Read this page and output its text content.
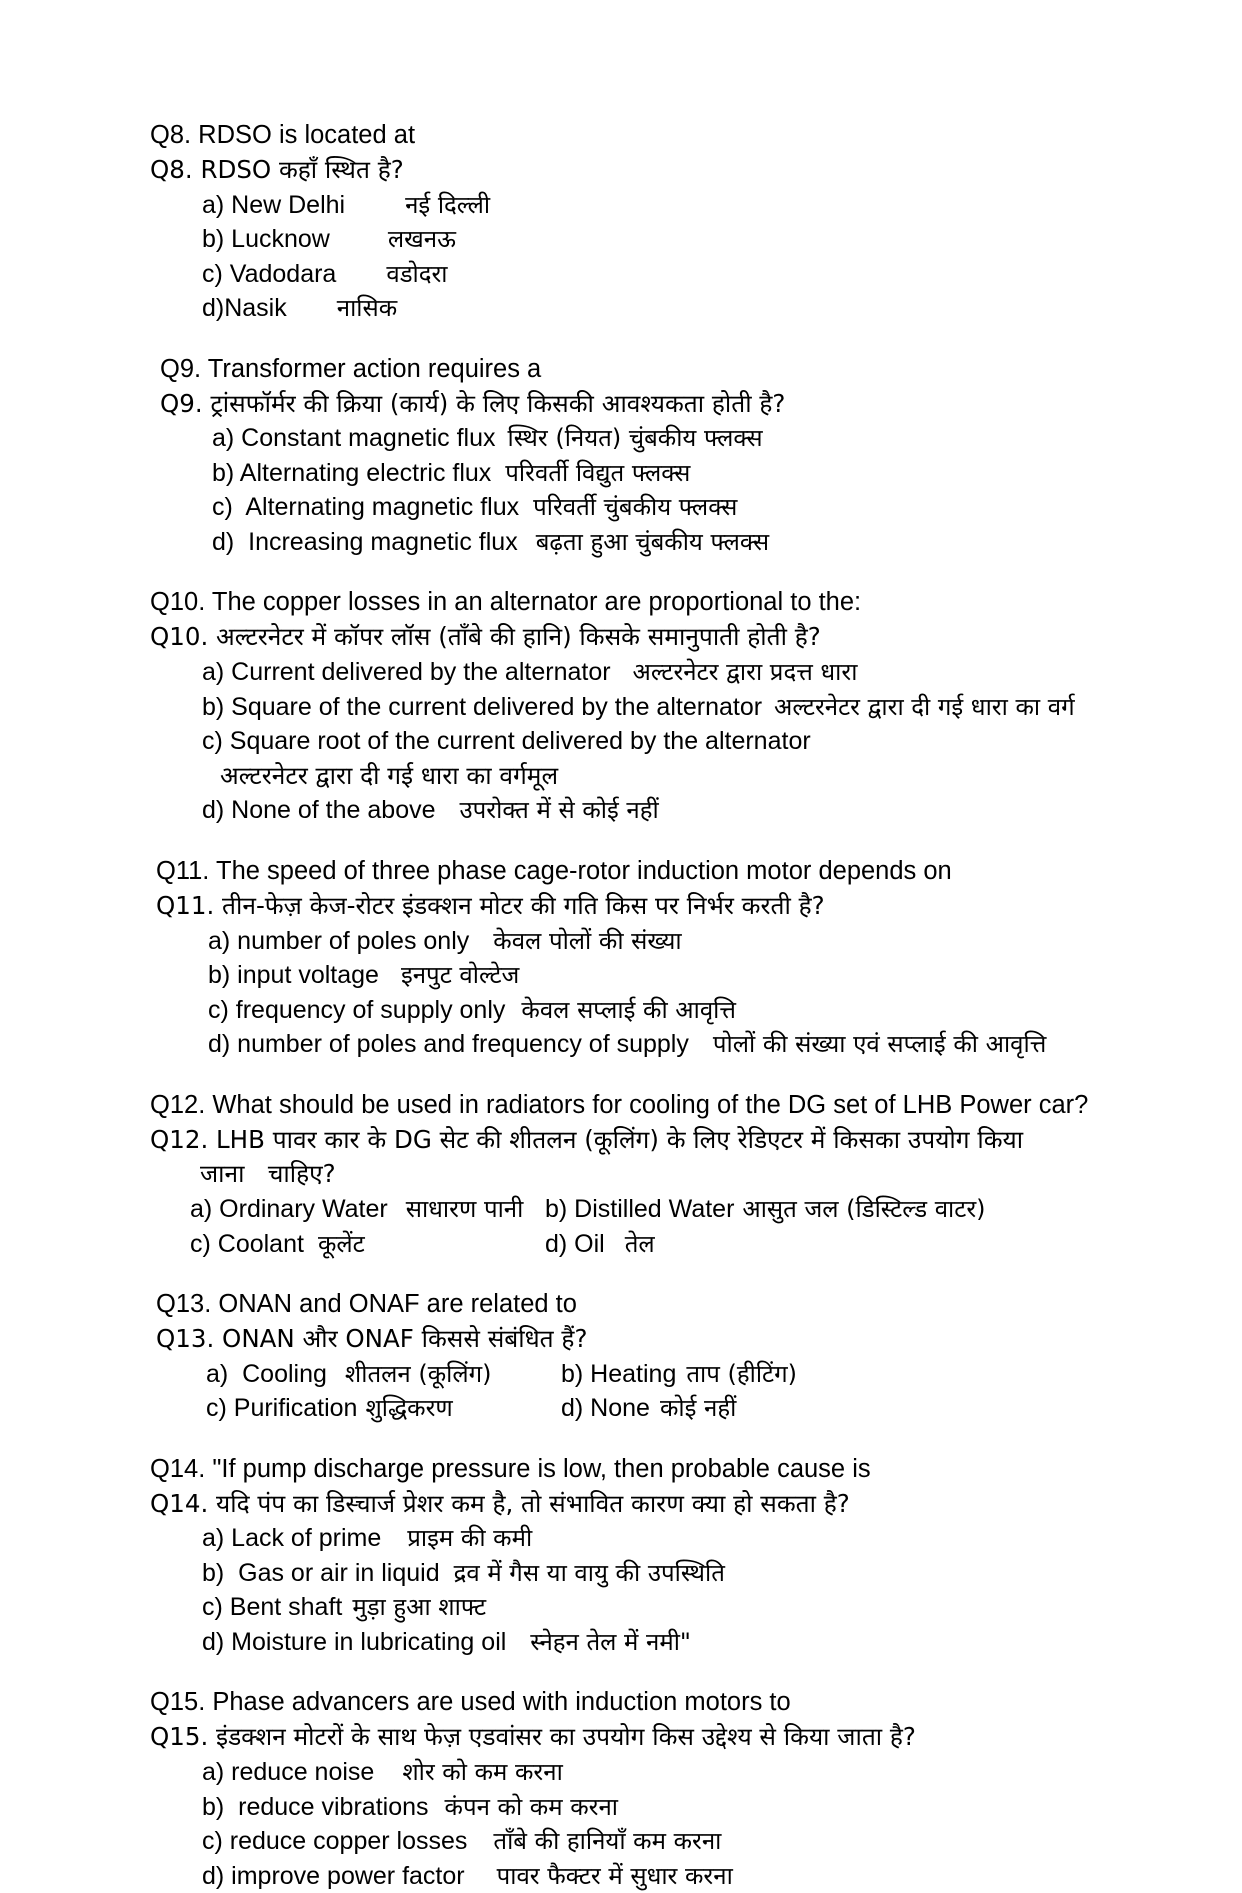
Q8. RDSO is located at
Q8. RDSO कहाँ स्थित है?
a) New Delhi	नई दिल्ली
b) Lucknow लखनऊ
c) Vadodara वडोदरा
d)Nasik नासिक
Q9. Transformer action requires a
Q9. ट्रांसफॉर्मर की क्रिया (कार्य) के लिए किसकी आवश्यकता होती है?
a) Constant magnetic flux स्थिर (नियत) चुंबकीय फ्लक्स
b) Alternating electric flux परिवर्ती विद्युत फ्लक्स
c)  Alternating magnetic flux परिवर्ती चुंबकीय फ्लक्स
d)  Increasing magnetic flux बढ़ता हुआ चुंबकीय फ्लक्स
Q10. The copper losses in an alternator are proportional to the:
Q10. अल्टरनेटर में कॉपर लॉस (ताँबे की हानि) किसके समानुपाती होती है?
a) Current delivered by the alternator अल्टरनेटर द्वारा प्रदत्त धारा
b) Square of the current delivered by the alternator अल्टरनेटर द्वारा दी गई धारा का वर्ग
c) Square root of the current delivered by the alternator
अल्टरनेटर द्वारा दी गई धारा का वर्गमूल
d) None of the above उपरोक्त में से कोई नहीं
Q11. The speed of three phase cage-rotor induction motor depends on
Q11. तीन-फेज़ केज-रोटर इंडक्शन मोटर की गति किस पर निर्भर करती है?
a) number of poles only केवल पोलों की संख्या
b) input voltage इनपुट वोल्टेज
c) frequency of supply only केवल सप्लाई की आवृत्ति
d) number of poles and frequency of supply पोलों की संख्या एवं सप्लाई की आवृत्ति
Q12. What should be used in radiators for cooling of the DG set of LHB Power car?
Q12. LHB पावर कार के DG सेट की शीतलन (कूलिंग) के लिए रेडिएटर में किसका उपयोग किया
जाना   चाहिए?
a) Ordinary Water साधारण पानी b) Distilled Water आसुत जल (डिस्टिल्ड वाटर)
c) Coolant कूलेंट	d) Oil तेल
Q13. ONAN and ONAF are related to
Q13. ONAN और ONAF किससे संबंधित हैं?
a)  Cooling शीतलन (कूलिंग)	b) Heating ताप (हीटिंग)
c) Purification शुद्धिकरण	d) None कोई नहीं
Q14. "If pump discharge pressure is low, then probable cause is
Q14. यदि पंप का डिस्चार्ज प्रेशर कम है, तो संभावित कारण क्या हो सकता है?
a) Lack of prime प्राइम की कमी
b)  Gas or air in liquid द्रव में गैस या वायु की उपस्थिति
c) Bent shaft मुड़ा हुआ शाफ्ट
d) Moisture in lubricating oil स्नेहन तेल में नमी"
Q15. Phase advancers are used with induction motors to
Q15. इंडक्शन मोटरों के साथ फेज़ एडवांसर का उपयोग किस उद्देश्य से किया जाता है?
a) reduce noise शोर को कम करना
b)  reduce vibrations कंपन को कम करना
c) reduce copper losses ताँबे की हानियाँ कम करना
d) improve power factor पावर फैक्टर में सुधार करना
